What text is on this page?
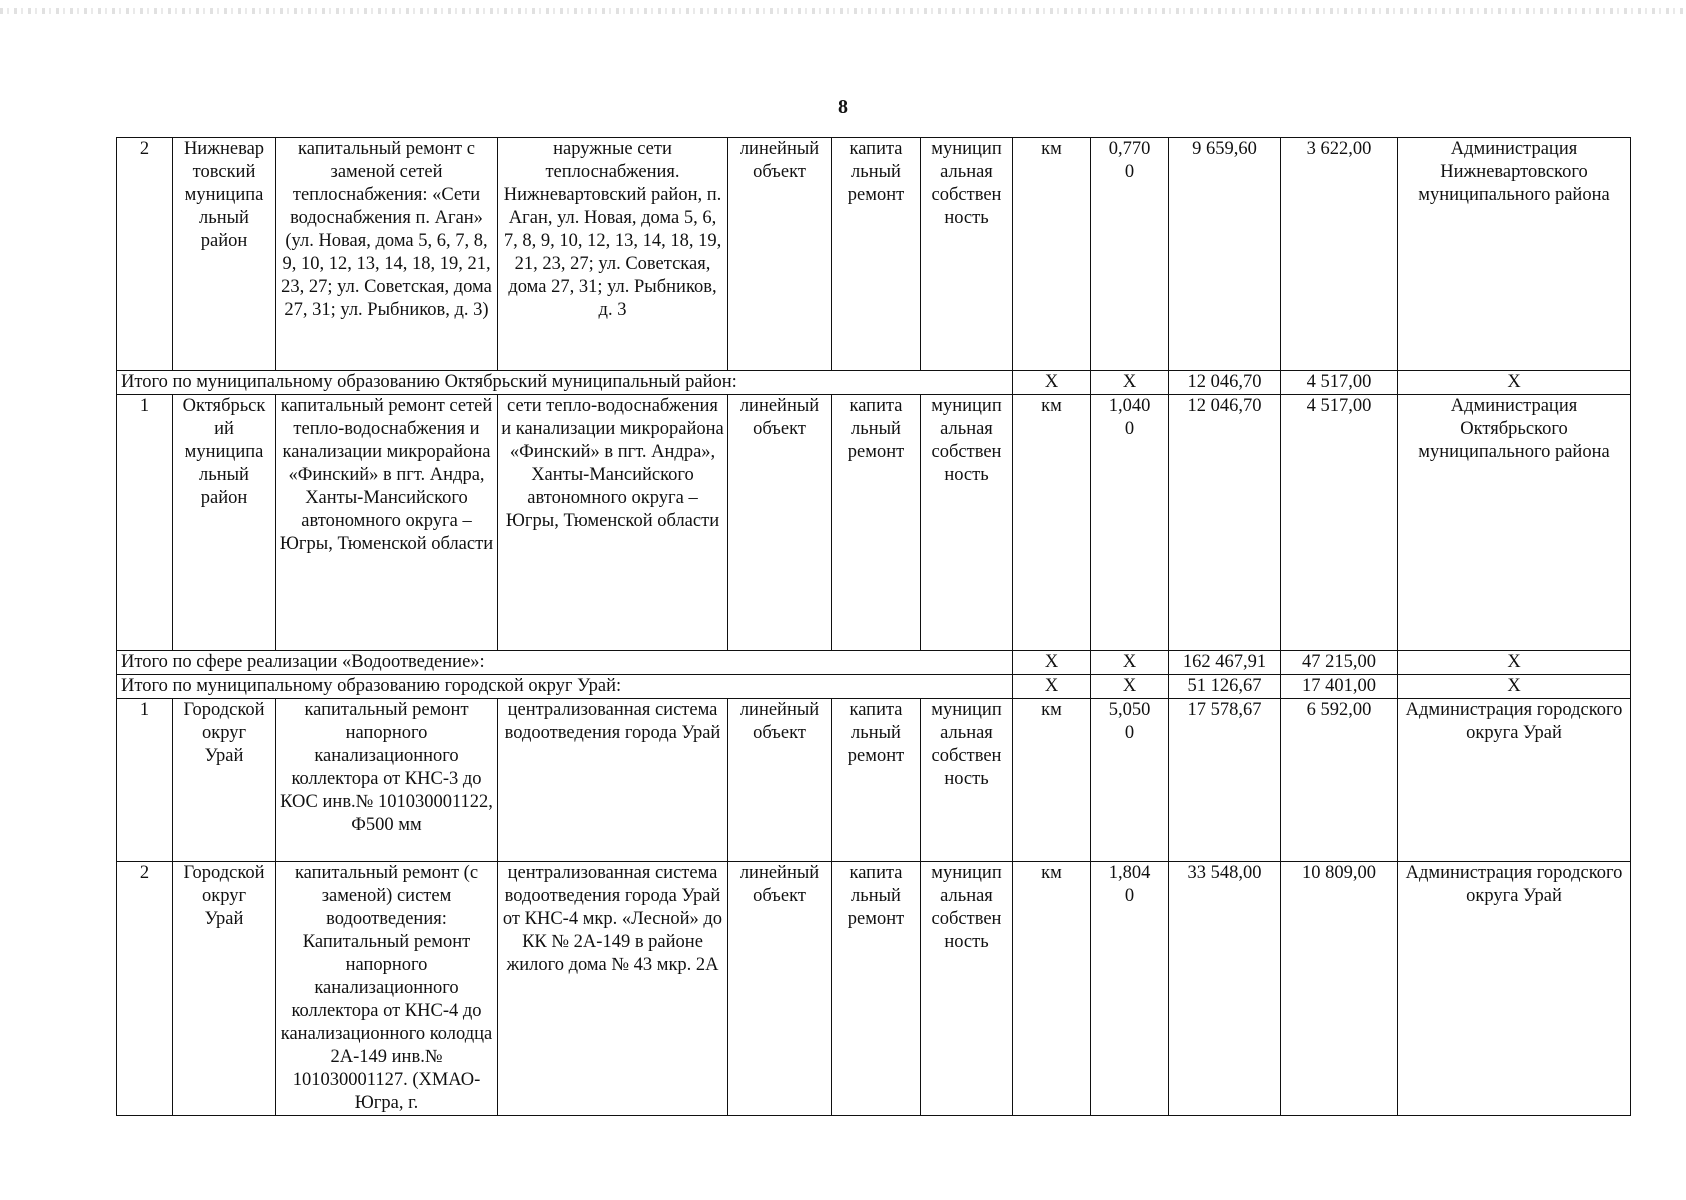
8
2	Нижневар
товский
муниципа
льный
район	капитальный ремонт с заменой сетей теплоснабжения: «Сети водоснабжения п. Аган» (ул. Новая, дома 5, 6, 7, 8, 9, 10, 12, 13, 14, 18, 19, 21, 23, 27; ул. Советская, дома 27, 31; ул. Рыбников, д. 3)	наружные сети теплоснабжения. Нижневартовский район, п. Аган, ул. Новая, дома 5, 6, 7, 8, 9, 10, 12, 13, 14, 18, 19, 21, 23, 27; ул. Советская, дома 27, 31; ул. Рыбников, д. 3	линейный
объект	капита
льный
ремонт	муницип
альная
собствен
ность	км	0,770
0	9 659,60	3 622,00	Администрация Нижневартовского муниципального района
Итого по муниципальному образованию Октябрьский муниципальный район:							X	X	12 046,70	4 517,00	X
1	Октябрьск
ий
муниципа
льный
район	капитальный ремонт сетей тепло-водоснабжения и канализации микрорайона «Финский» в пгт. Андра, Ханты-Мансийского автономного округа – Югры, Тюменской области	сети тепло-водоснабжения и канализации микрорайона «Финский» в пгт. Андра», Ханты-Мансийского автономного округа – Югры, Тюменской области	линейный
объект	капита
льный
ремонт	муницип
альная
собствен
ность	км	1,040
0	12 046,70	4 517,00	Администрация Октябрьского муниципального района
Итого по сфере реализации «Водоотведение»:							X	X	162 467,91	47 215,00	X
Итого по муниципальному образованию городской округ Урай:							X	X	51 126,67	17 401,00	X
1	Городской
округ
Урай	капитальный ремонт напорного канализационного коллектора от КНС-3 до КОС инв.№ 101030001122, Ф500 мм	централизованная система водоотведения города Урай	линейный
объект	капита
льный
ремонт	муницип
альная
собствен
ность	км	5,050
0	17 578,67	6 592,00	Администрация городского округа Урай
2	Городской
округ
Урай	капитальный ремонт (с заменой) систем водоотведения: Капитальный ремонт напорного канализационного коллектора от КНС-4 до канализационного колодца 2А-149 инв.№ 101030001127. (ХМАО-Югра, г.	централизованная система водоотведения города Урай от КНС-4 мкр. «Лесной» до КК № 2А-149 в районе жилого дома № 43 мкр. 2А	линейный
объект	капита
льный
ремонт	муницип
альная
собствен
ность	км	1,804
0	33 548,00	10 809,00	Администрация городского округа Урай
